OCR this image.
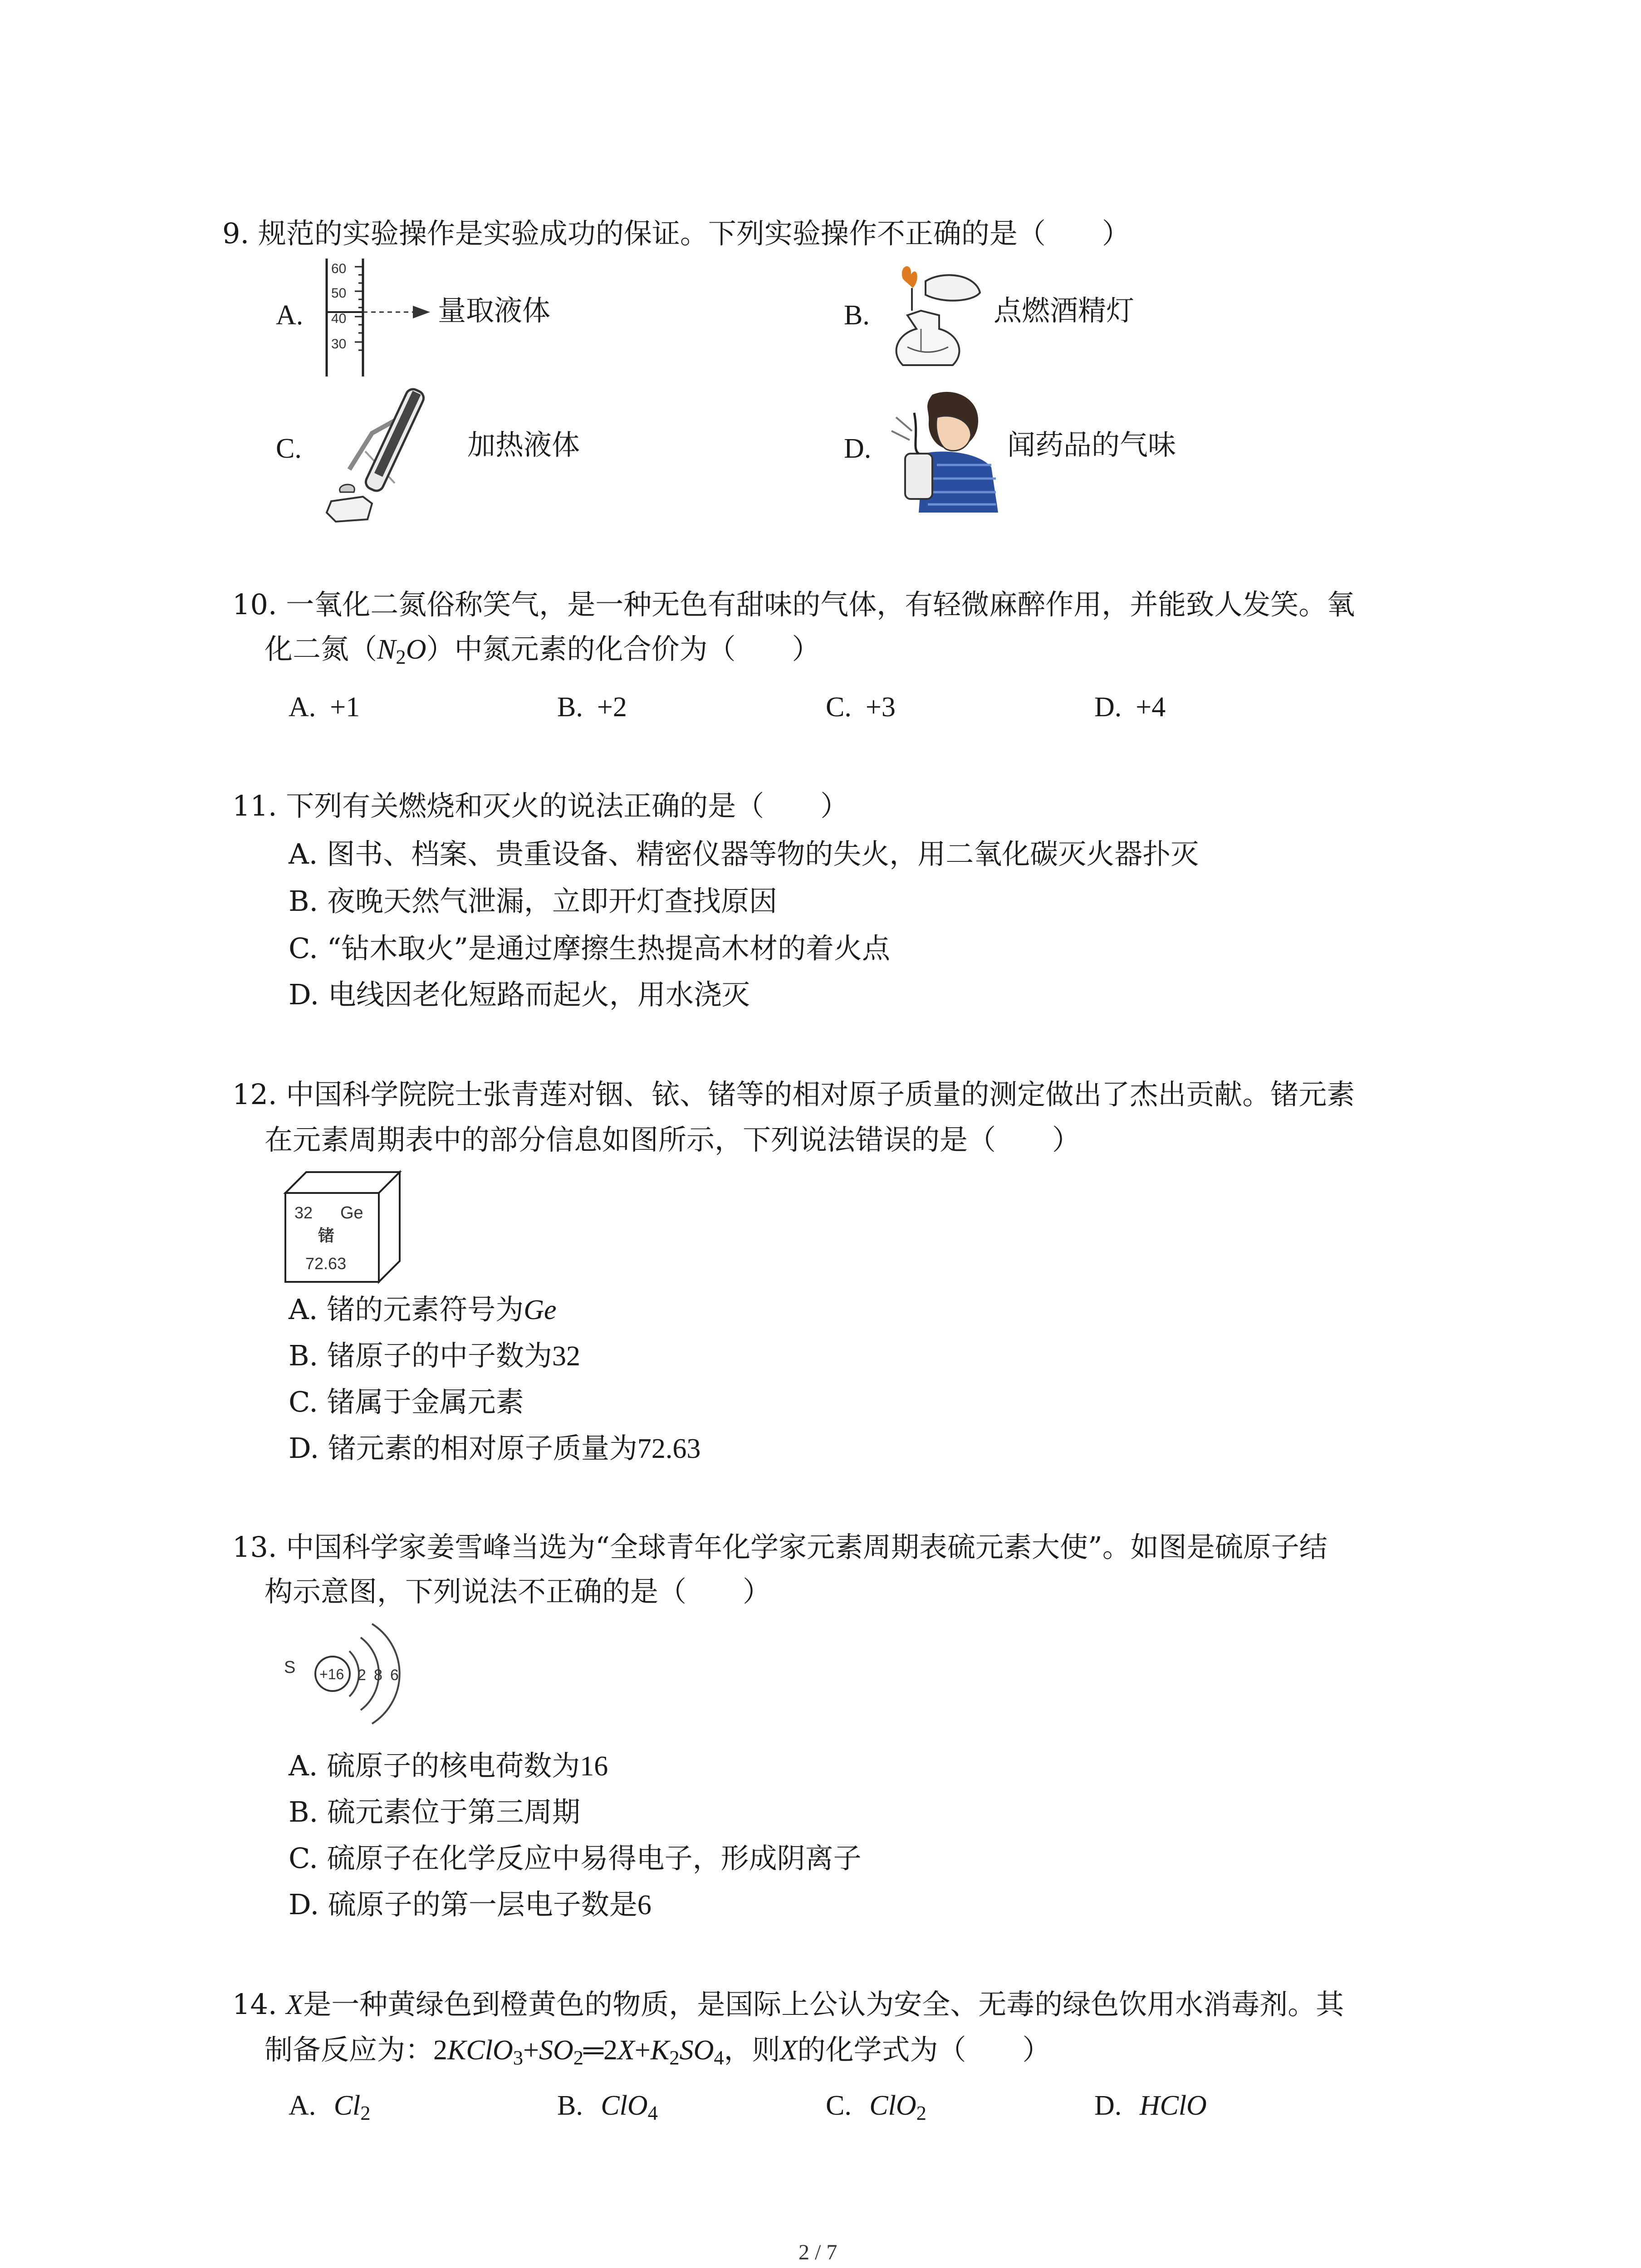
9. 规范的实验操作是实验成功的保证。下列实验操作不正确的是（　　）
A.
60
50
40
30
量取液体	B.	点燃酒精灯
C.	加热液体	D.	闻药品的气味
10. 一氧化二氮俗称笑气，是一种无色有甜味的气体，有轻微麻醉作用，并能致人发笑。氧
化二氮$(N_2O)$中氮元素的化合价为（　　）
A. +1	B. +2	C. +3	D. +4
11. 下列有关燃烧和灭火的说法正确的是（　　）
A. 图书、档案、贵重设备、精密仪器等物的失火，用二氧化碳灭火器扑灭
B. 夜晚天然气泄漏，立即开灯查找原因
C. “钻木取火”是通过摩擦生热提高木材的着火点
D. 电线因老化短路而起火，用水浇灭
12. 中国科学院院士张青莲对铟、铱、锗等的相对原子质量的测定做出了杰出贡献。锗元素
在元素周期表中的部分信息如图所示，下列说法错误的是（　　）
32 Ge
锗
72.63
A. 锗的元素符号为Ge
B. 锗原子的中子数为32
C. 锗属于金属元素
D. 锗元素的相对原子质量为72.63
13. 中国科学家姜雪峰当选为“全球青年化学家元素周期表硫元素大使”。如图是硫原子结
构示意图，下列说法不正确的是（　　）
S +16 2 8 6
A. 硫原子的核电荷数为16
B. 硫元素位于第三周期
C. 硫原子在化学反应中易得电子，形成阴离子
D. 硫原子的第一层电子数是6
14. X是一种黄绿色到橙黄色的物质，是国际上公认为安全、无毒的绿色饮用水消毒剂。其
制备反应为：$2KClO_3+SO_2═2X+K_2SO_4$，则X的化学式为（　　）
A. $Cl_2$	B. ClO$_4$	C. ClO$_2$	D. HClO
2 / 7
